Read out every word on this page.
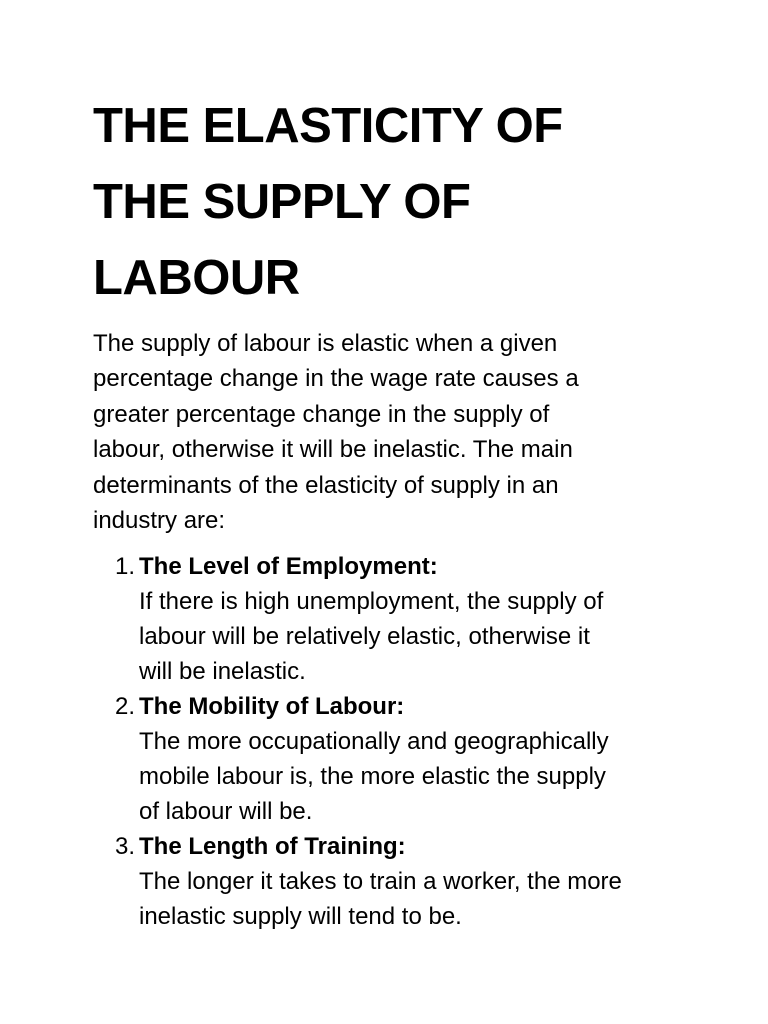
THE ELASTICITY OF
THE SUPPLY OF
LABOUR

The supply of labour is elastic when a given
percentage change in the wage rate causes a
greater percentage change in the supply of
labour, otherwise it will be inelastic. The main
determinants of the elasticity of supply in an
industry are:

1. The Level of Employment:
If there is high unemployment, the supply of
labour will be relatively elastic, otherwise it
will be inelastic.
2. The Mobility of Labour:
The more occupationally and geographically
mobile labour is, the more elastic the supply
of labour will be.
3. The Length of Training:
The longer it takes to train a worker, the more
inelastic supply will tend to be.
